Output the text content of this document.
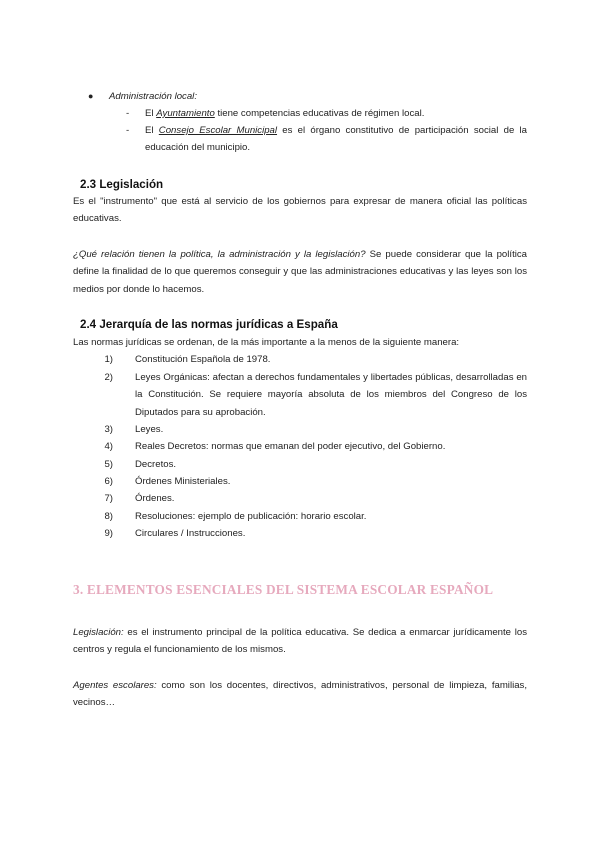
● Administración local:
-	El Ayuntamiento tiene competencias educativas de régimen local.
-	El Consejo Escolar Municipal es el órgano constitutivo de participación social de la educación del municipio.
2.3 Legislación
Es el "instrumento" que está al servicio de los gobiernos para expresar de manera oficial las políticas educativas.
¿Qué relación tienen la política, la administración y la legislación? Se puede considerar que la política define la finalidad de lo que queremos conseguir y que las administraciones educativas y las leyes son los medios por donde lo hacemos.
2.4 Jerarquía de las normas jurídicas a España
Las normas jurídicas se ordenan, de la más importante a la menos de la siguiente manera:
1) Constitución Española de 1978.
2) Leyes Orgánicas: afectan a derechos fundamentales y libertades públicas, desarrolladas en la Constitución. Se requiere mayoría absoluta de los miembros del Congreso de los Diputados para su aprobación.
3) Leyes.
4) Reales Decretos: normas que emanan del poder ejecutivo, del Gobierno.
5) Decretos.
6) Órdenes Ministeriales.
7) Órdenes.
8) Resoluciones: ejemplo de publicación: horario escolar.
9) Circulares / Instrucciones.
3. ELEMENTOS ESENCIALES DEL SISTEMA ESCOLAR ESPAÑOL
Legislación: es el instrumento principal de la política educativa. Se dedica a enmarcar jurídicamente los centros y regula el funcionamiento de los mismos.
Agentes escolares: como son los docentes, directivos, administrativos, personal de limpieza, familias, vecinos…
